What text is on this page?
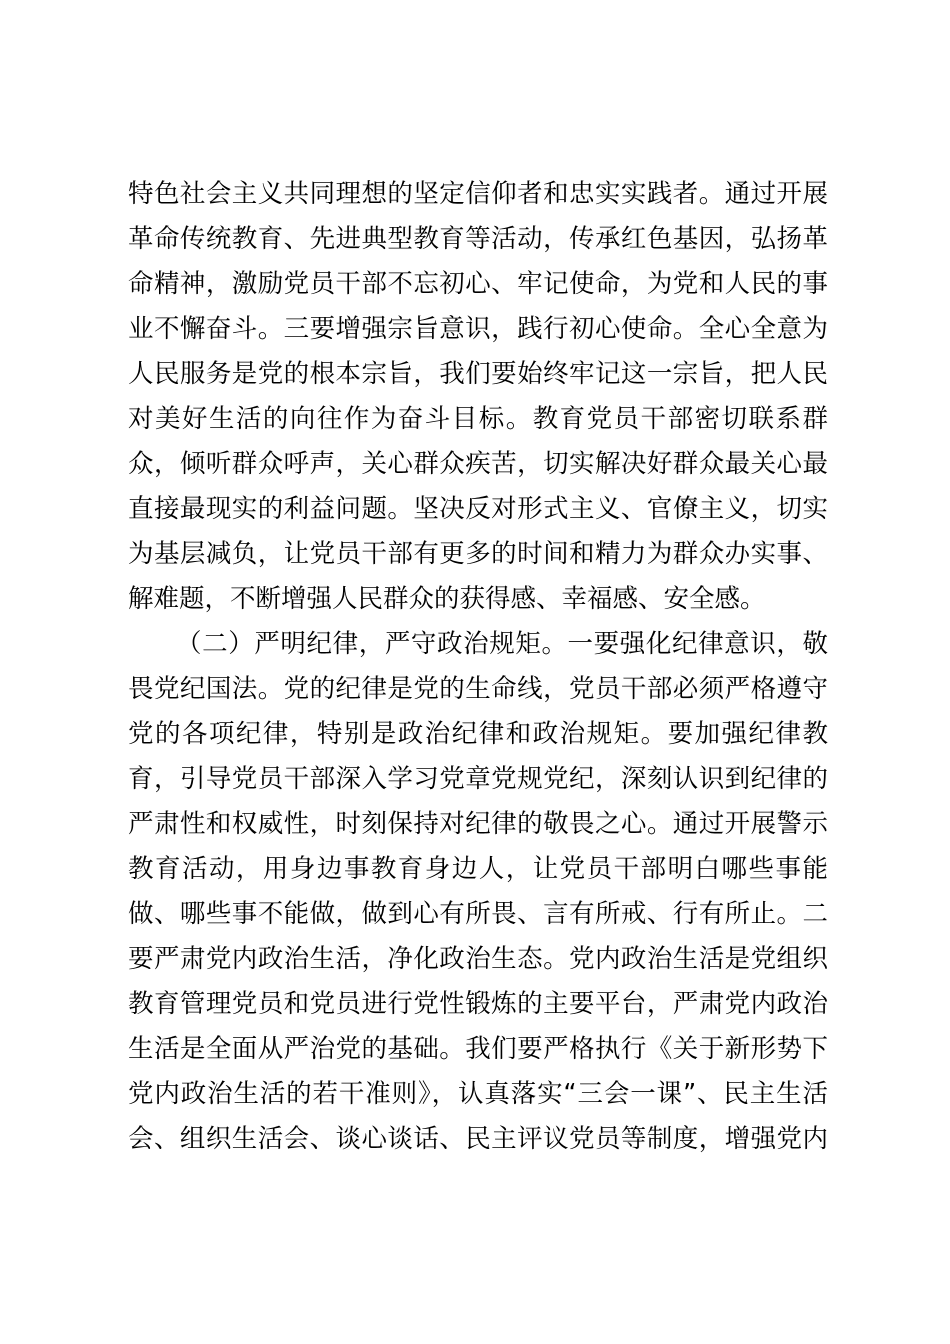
特色社会主义共同理想的坚定信仰者和忠实实践者。通过开展
革命传统教育、先进典型教育等活动，传承红色基因，弘扬革
命精神，激励党员干部不忘初心、牢记使命，为党和人民的事
业不懈奋斗。三要增强宗旨意识，践行初心使命。全心全意为
人民服务是党的根本宗旨，我们要始终牢记这一宗旨，把人民
对美好生活的向往作为奋斗目标。教育党员干部密切联系群
众，倾听群众呼声，关心群众疾苦，切实解决好群众最关心最
直接最现实的利益问题。坚决反对形式主义、官僚主义，切实
为基层减负，让党员干部有更多的时间和精力为群众办实事、
解难题，不断增强人民群众的获得感、幸福感、安全感。
（二）严明纪律，严守政治规矩。一要强化纪律意识，敬
畏党纪国法。党的纪律是党的生命线，党员干部必须严格遵守
党的各项纪律，特别是政治纪律和政治规矩。要加强纪律教
育，引导党员干部深入学习党章党规党纪，深刻认识到纪律的
严肃性和权威性，时刻保持对纪律的敬畏之心。通过开展警示
教育活动，用身边事教育身边人，让党员干部明白哪些事能
做、哪些事不能做，做到心有所畏、言有所戒、行有所止。二
要严肃党内政治生活，净化政治生态。党内政治生活是党组织
教育管理党员和党员进行党性锻炼的主要平台，严肃党内政治
生活是全面从严治党的基础。我们要严格执行《关于新形势下
党内政治生活的若干准则》，认真落实“三会一课”、民主生活
会、组织生活会、谈心谈话、民主评议党员等制度，增强党内
